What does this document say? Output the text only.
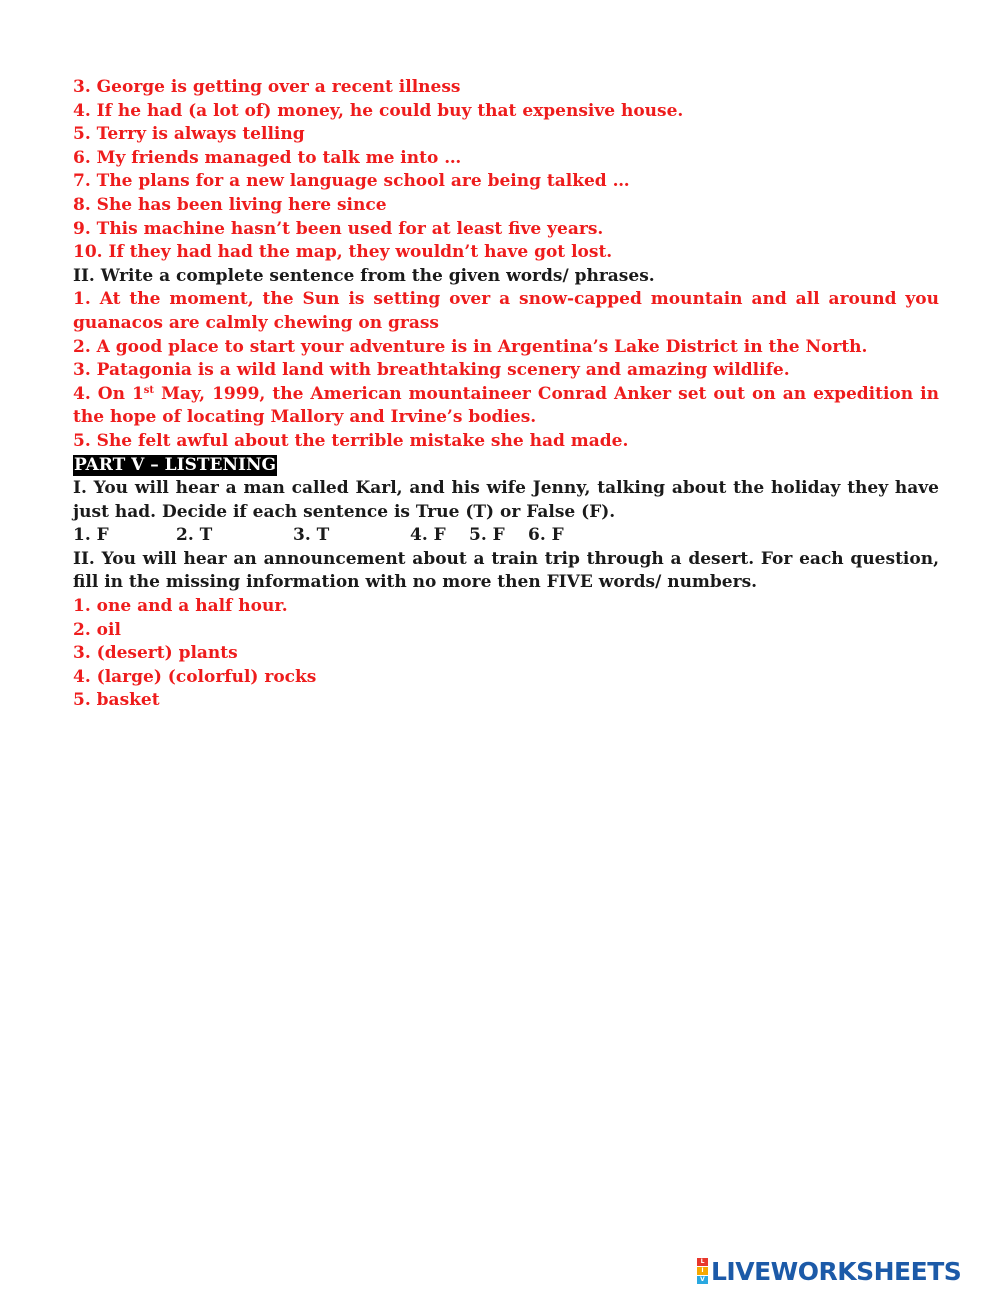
3. George is getting over a recent illness

4. If he had (a lot of) money, he could buy that expensive house.

5. Terry is always telling

6. My friends managed to talk me into …

7. The plans for a new language school are being talked …

8. She has been living here since

9. This machine hasn’t been used for at least five years.

10. If they had had the map, they wouldn’t have got lost.

II. Write a complete sentence from the given words/ phrases.

1. At the moment, the Sun is setting over a snow-capped mountain and all around you guanacos are calmly chewing on grass

2. A good place to start your adventure is in Argentina’s Lake District in the North.

3. Patagonia is a wild land with breathtaking scenery and amazing wildlife.

4. On 1st May, 1999, the American mountaineer Conrad Anker set out on an expedition in the hope of locating Mallory and Irvine’s bodies.

5. She felt awful about the terrible mistake she had made.

PART V – LISTENING

I. You will hear a man called Karl, and his wife Jenny, talking about the holiday they have just had. Decide if each sentence is True (T) or False (F).

1. F	2. T	3. T	4. F 5. F 6. F

II. You will hear an announcement about a train trip through a desert. For each question, fill in the missing information with no more then FIVE words/ numbers.

1. one and a half hour.

2. oil

3. (desert) plants

4. (large) (colorful) rocks

5. basket

L
I
V LIVEWORKSHEETS
